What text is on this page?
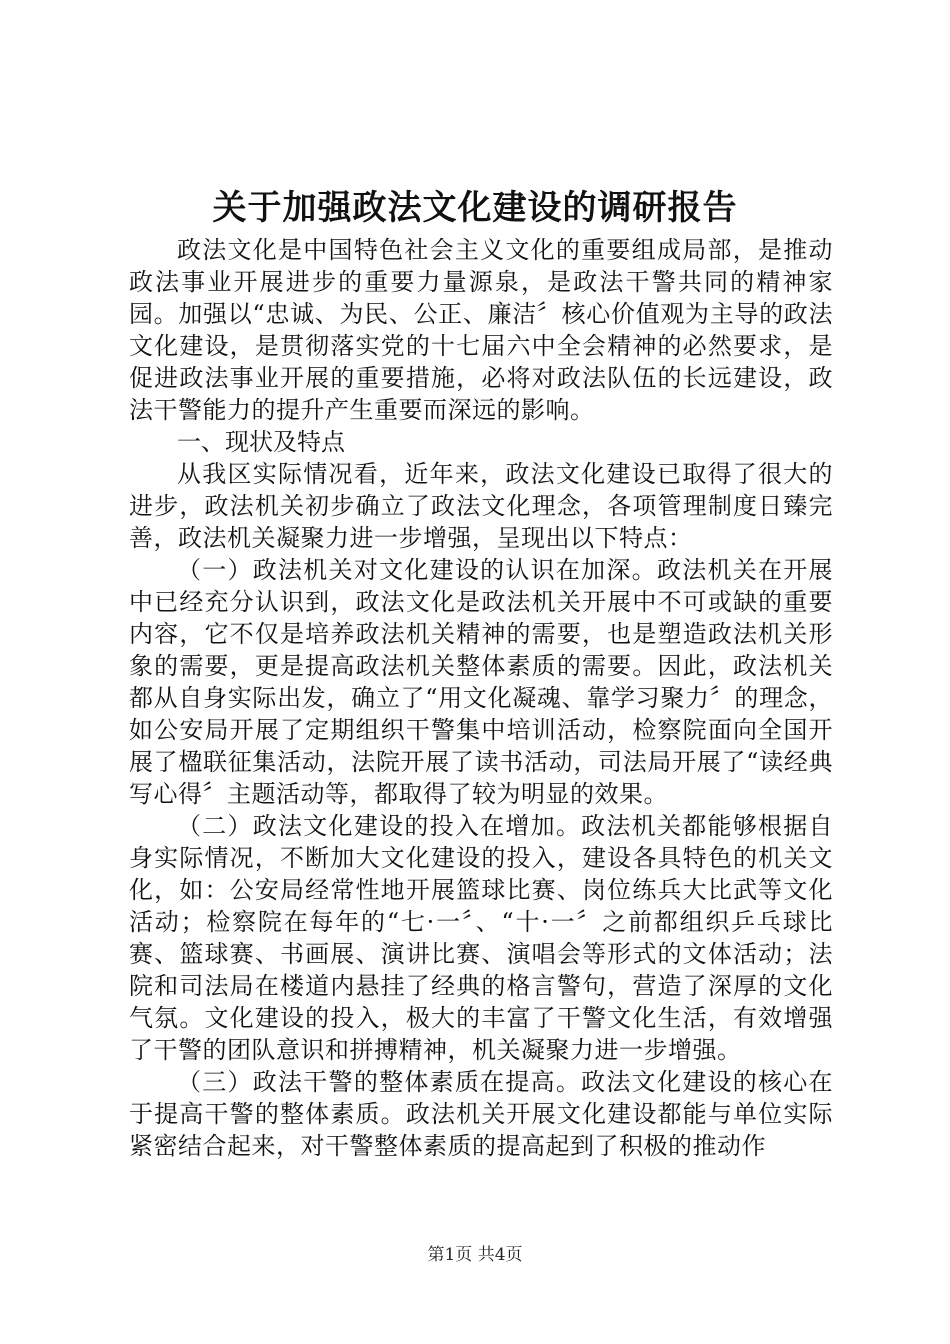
关于加强政法文化建设的调研报告

政法文化是中国特色社会主义文化的重要组成局部，是推动政法事业开展进步的重要力量源泉，是政法干警共同的精神家园。加强以“忠诚、为民、公正、廉洁〞核心价值观为主导的政法文化建设，是贯彻落实党的十七届六中全会精神的必然要求，是促进政法事业开展的重要措施，必将对政法队伍的长远建设，政法干警能力的提升产生重要而深远的影响。

一、现状及特点

从我区实际情况看，近年来，政法文化建设已取得了很大的进步，政法机关初步确立了政法文化理念，各项管理制度日臻完善，政法机关凝聚力进一步增强，呈现出以下特点：

（一）政法机关对文化建设的认识在加深。政法机关在开展中已经充分认识到，政法文化是政法机关开展中不可或缺的重要内容，它不仅是培养政法机关精神的需要，也是塑造政法机关形象的需要，更是提高政法机关整体素质的需要。因此，政法机关都从自身实际出发，确立了“用文化凝魂、靠学习聚力〞的理念，如公安局开展了定期组织干警集中培训活动，检察院面向全国开展了楹联征集活动，法院开展了读书活动，司法局开展了“读经典写心得〞主题活动等，都取得了较为明显的效果。

（二）政法文化建设的投入在增加。政法机关都能够根据自身实际情况，不断加大文化建设的投入，建设各具特色的机关文化，如：公安局经常性地开展篮球比赛、岗位练兵大比武等文化活动；检察院在每年的“七·一〞、“十·一〞之前都组织乒乓球比赛、篮球赛、书画展、演讲比赛、演唱会等形式的文体活动；法院和司法局在楼道内悬挂了经典的格言警句，营造了深厚的文化气氛。文化建设的投入，极大的丰富了干警文化生活，有效增强了干警的团队意识和拼搏精神，机关凝聚力进一步增强。

（三）政法干警的整体素质在提高。政法文化建设的核心在于提高干警的整体素质。政法机关开展文化建设都能与单位实际紧密结合起来，对干警整体素质的提高起到了积极的推动作

第1页 共4页
